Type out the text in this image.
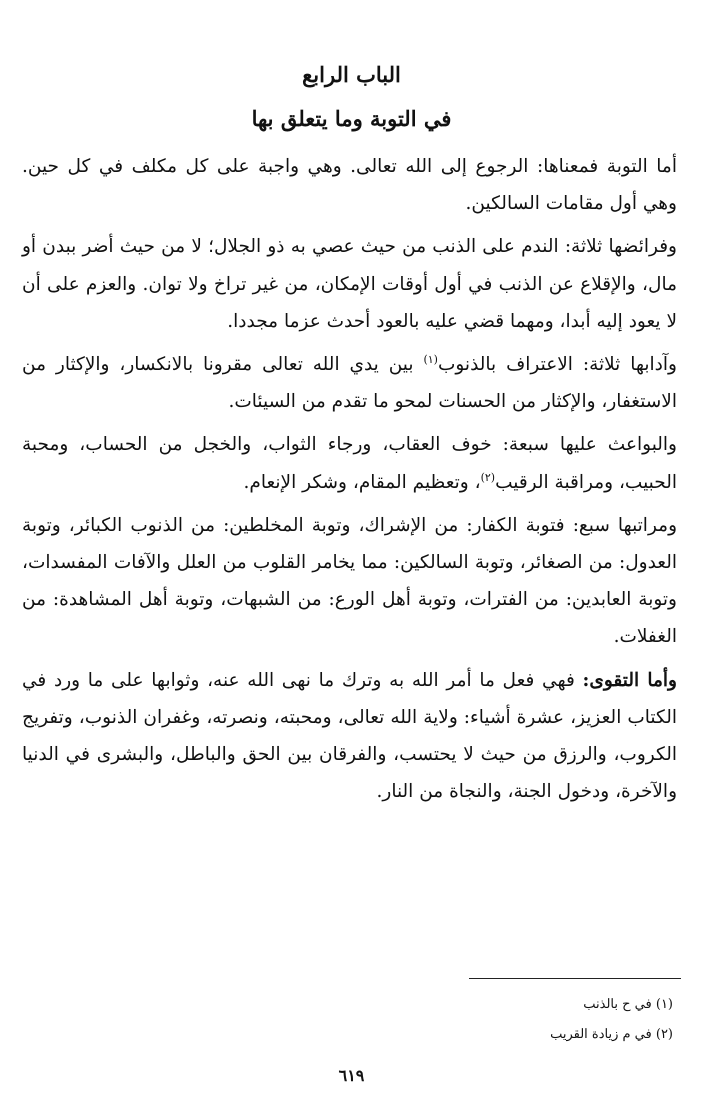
الباب الرابع
في التوبة وما يتعلق بها

أما التوبة فمعناها: الرجوع إلى الله تعالى. وهي واجبة على كل مكلف في كل حين. وهي أول مقامات السالكين.

وفرائضها ثلاثة: الندم على الذنب من حيث عصي به ذو الجلال؛ لا من حيث أضر ببدن أو مال، والإقلاع عن الذنب في أول أوقات الإمكان، من غير تراخ ولا توان. والعزم على أن لا يعود إليه أبدا، ومهما قضي عليه بالعود أحدث عزما مجددا.

وآدابها ثلاثة: الاعتراف بالذنوب$^{(١)}$ بين يدي الله تعالى مقرونا بالانكسار، والإكثار من الاستغفار، والإكثار من الحسنات لمحو ما تقدم من السيئات.

والبواعث عليها سبعة: خوف العقاب، ورجاء الثواب، والخجل من الحساب، ومحبة الحبيب، ومراقبة الرقيب$^{(٢)}$، وتعظيم المقام، وشكر الإنعام.

ومراتبها سبع: فتوبة الكفار: من الإشراك، وتوبة المخلطين: من الذنوب الكبائر، وتوبة العدول: من الصغائر، وتوبة السالكين: مما يخامر القلوب من العلل والآفات المفسدات، وتوبة العابدين: من الفترات، وتوبة أهل الورع: من الشبهات، وتوبة أهل المشاهدة: من الغفلات.

وأما التقوى: فهي فعل ما أمر الله به وترك ما نهى الله عنه، وثوابها على ما ورد في الكتاب العزيز، عشرة أشياء: ولاية الله تعالى، ومحبته، ونصرته، وغفران الذنوب، وتفريج الكروب، والرزق من حيث لا يحتسب، والفرقان بين الحق والباطل، والبشرى في الدنيا والآخرة، ودخول الجنة، والنجاة من النار.

(١) في ح بالذنب

(٢) في م زيادة القريب

٦١٩
